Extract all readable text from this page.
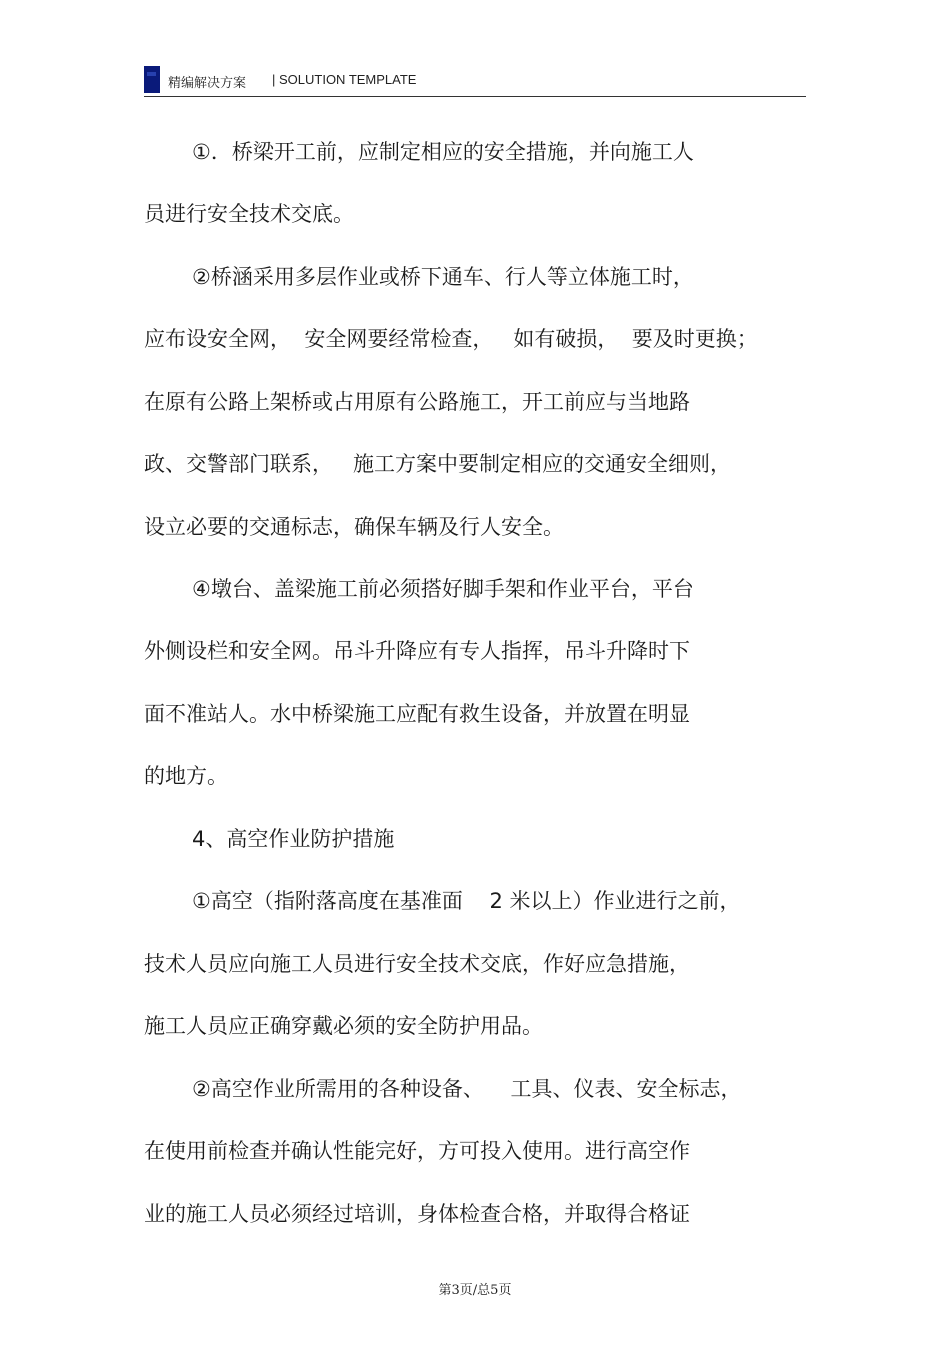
精编解决方案 | SOLUTION TEMPLATE
①．桥梁开工前，应制定相应的安全措施，并向施工人
员进行安全技术交底。
②桥涵采用多层作业或桥下通车、行人等立体施工时，
应布设安全网，  安全网要经常检查，   如有破损，  要及时更换；
在原有公路上架桥或占用原有公路施工，开工前应与当地路
政、交警部门联系，   施工方案中要制定相应的交通安全细则，
设立必要的交通标志，确保车辆及行人安全。
④墩台、盖梁施工前必须搭好脚手架和作业平台，平台
外侧设栏和安全网。吊斗升降应有专人指挥，吊斗升降时下
面不准站人。水中桥梁施工应配有救生设备，并放置在明显
的地方。
4、高空作业防护措施
①高空（指附落高度在基准面    2 米以上）作业进行之前，
技术人员应向施工人员进行安全技术交底，作好应急措施，
施工人员应正确穿戴必须的安全防护用品。
②高空作业所需用的各种设备、    工具、仪表、安全标志，
在使用前检查并确认性能完好，方可投入使用。进行高空作
业的施工人员必须经过培训，身体检查合格，并取得合格证
第3页/总5页
